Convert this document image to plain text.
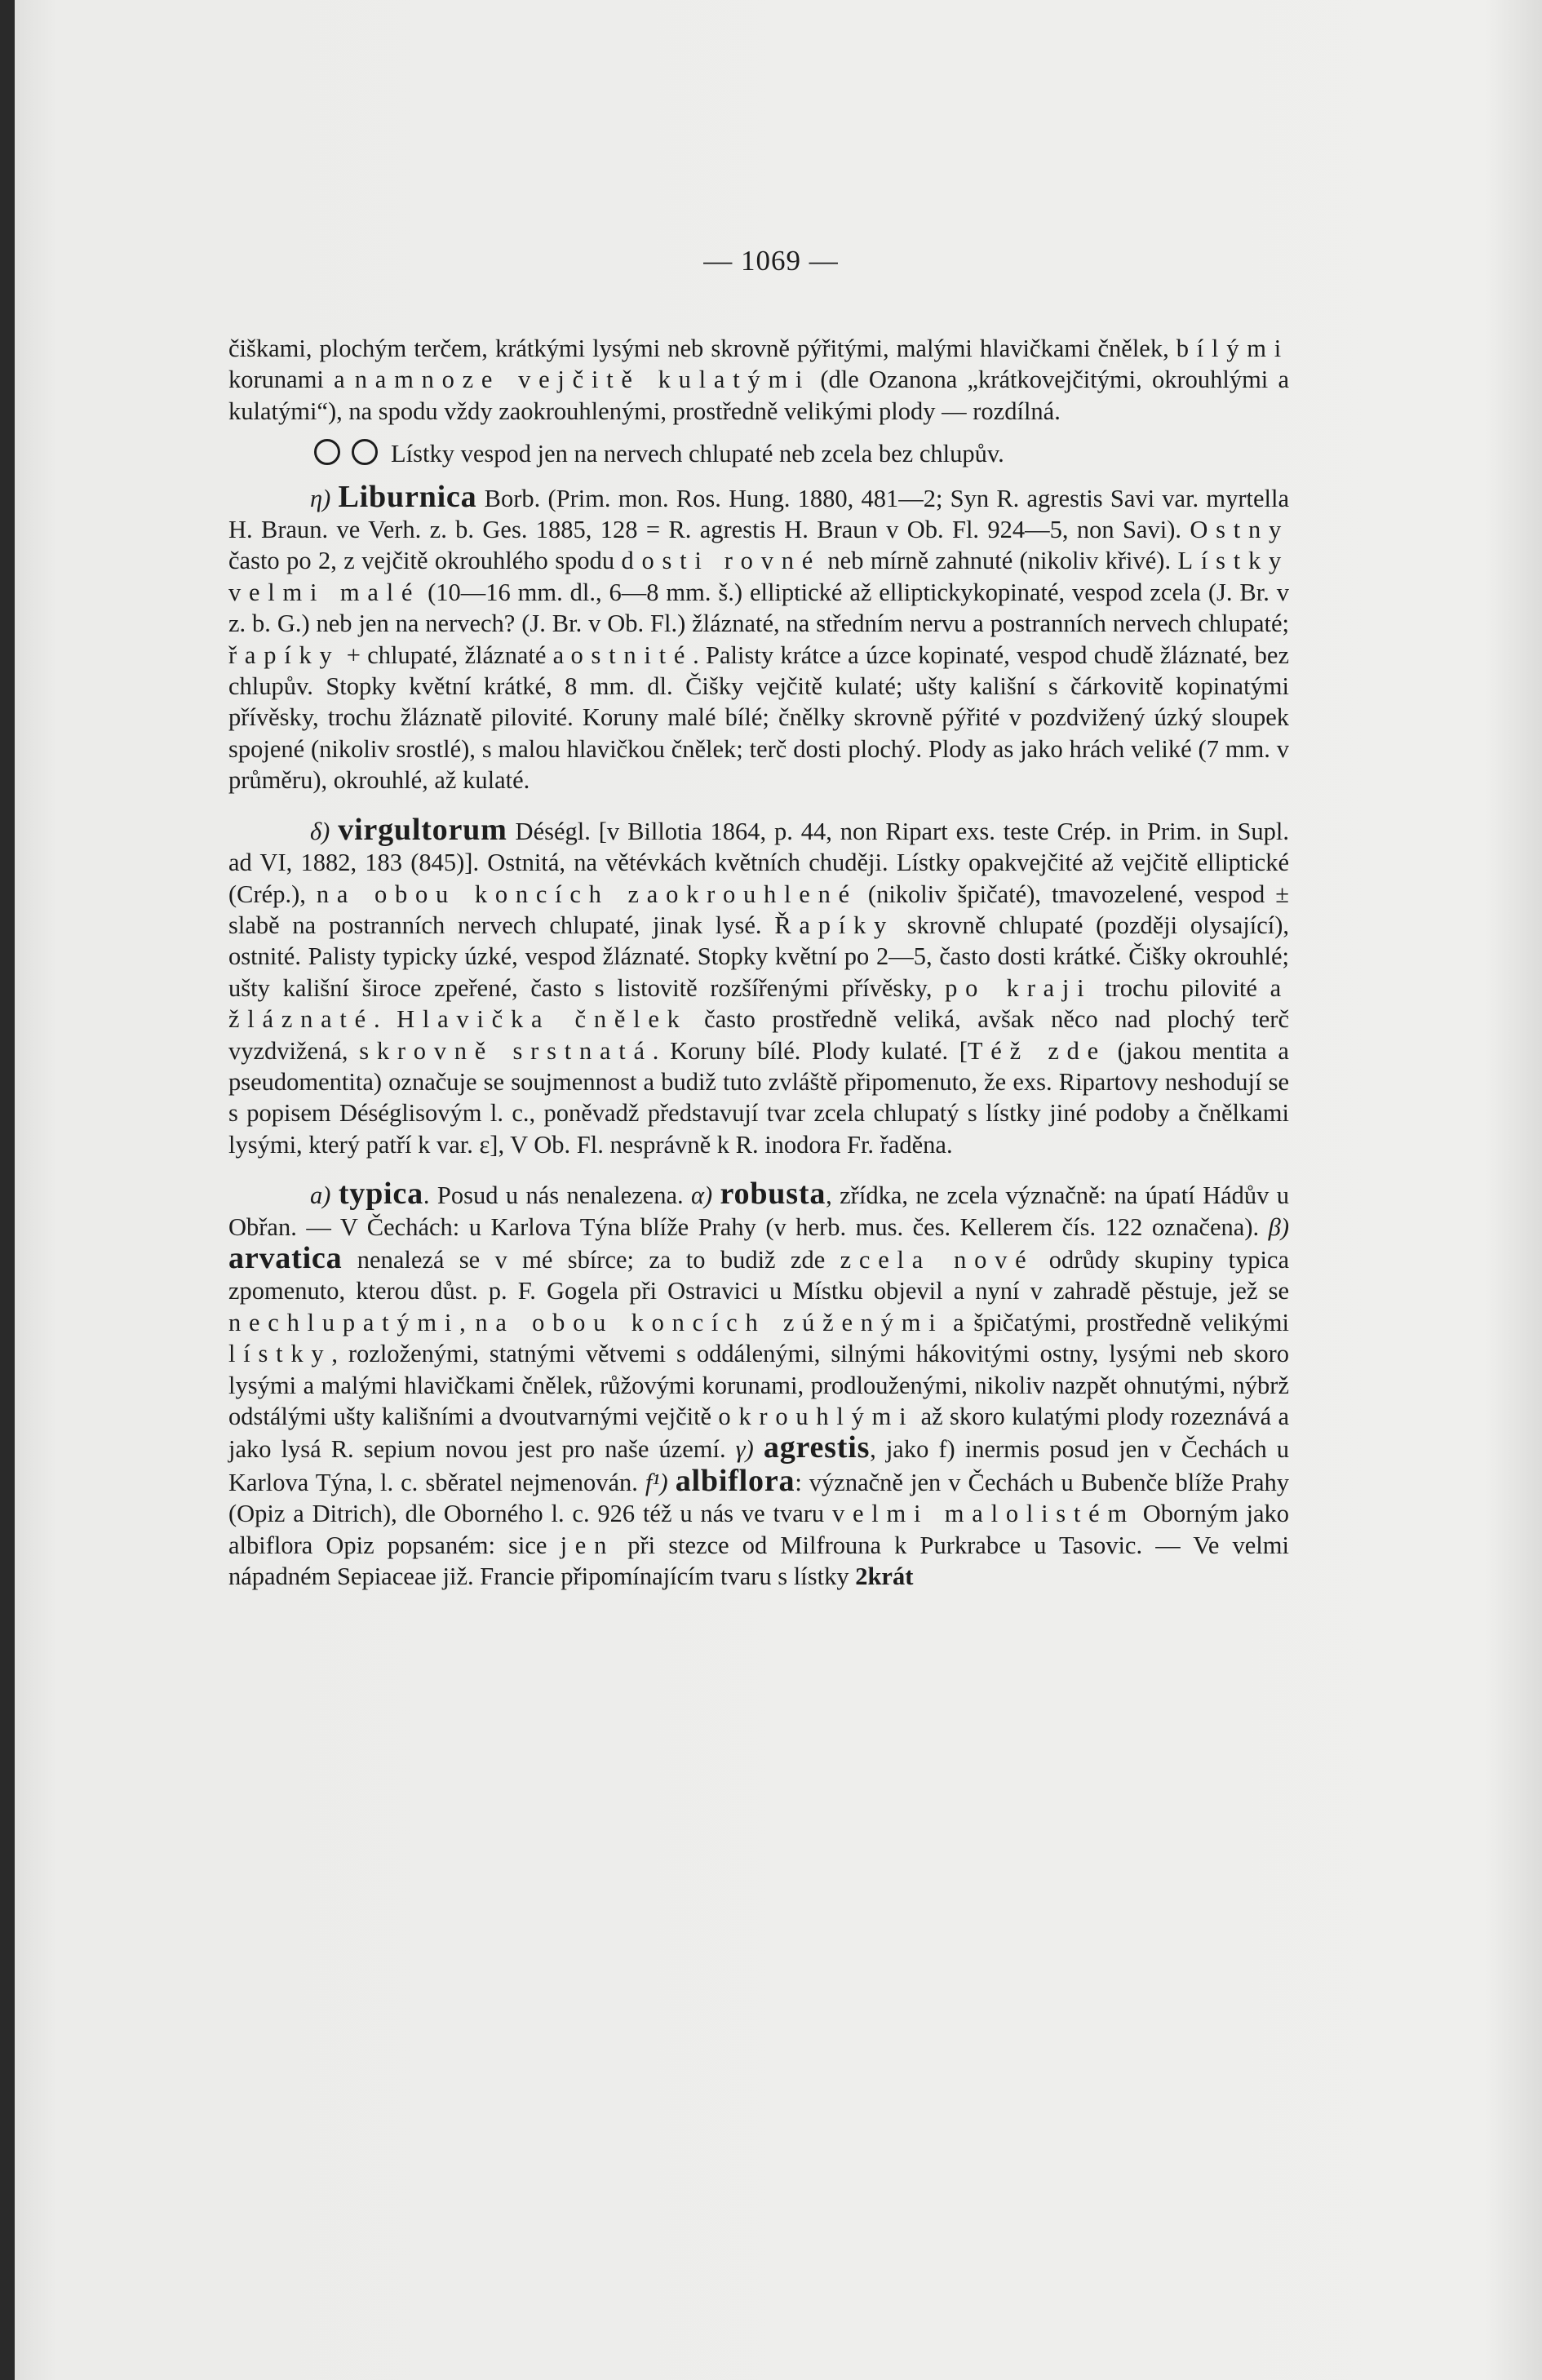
— 1069 —

čiškami, plochým terčem, krátkými lysými neb skrovně pýřitými, malými hlavičkami čnělek, bílými korunami a namnoze vejčitě kulatými (dle Ozanona „krátkovejčitými, okrouhlými a kulatými“), na spodu vždy zaokrouhlenými, prostředně velikými plody — rozdílná.

Lístky vespod jen na nervech chlupaté neb zcela bez chlupův.

η) Liburnica Borb. (Prim. mon. Ros. Hung. 1880, 481—2; Syn R. agrestis Savi var. myrtella H. Braun. ve Verh. z. b. Ges. 1885, 128 = R. agrestis H. Braun v Ob. Fl. 924—5, non Savi). Ostny často po 2, z vejčitě okrouhlého spodu dosti rovné neb mírně zahnuté (nikoliv křivé). Lístky velmi malé (10—16 mm. dl., 6—8 mm. š.) elliptické až elliptickykopinaté, vespod zcela (J. Br. v z. b. G.) neb jen na nervech? (J. Br. v Ob. Fl.) žláznaté, na středním nervu a postranních nervech chlupaté; řapíky + chlupaté, žláznaté a ostnité. Palisty krátce a úzce kopinaté, vespod chudě žláznaté, bez chlupův. Stopky květní krátké, 8 mm. dl. Čišky vejčitě kulaté; ušty kališní s čárkovitě kopinatými přívěsky, trochu žláznatě pilovité. Koruny malé bílé; čnělky skrovně pýřité v pozdvižený úzký sloupek spojené (nikoliv srostlé), s malou hlavičkou čnělek; terč dosti plochý. Plody as jako hrách veliké (7 mm. v průměru), okrouhlé, až kulaté.

δ) virgultorum Déségl. [v Billotia 1864, p. 44, non Ripart exs. teste Crép. in Prim. in Supl. ad VI, 1882, 183 (845)]. Ostnitá, na větévkách květních chuději. Lístky opakvejčité až vejčitě elliptické (Crép.), na obou koncích zaokrouhlené (nikoliv špičaté), tmavozelené, vespod ± slabě na postranních nervech chlupaté, jinak lysé. Řapíky skrovně chlupaté (později olysající), ostnité. Palisty typicky úzké, vespod žláznaté. Stopky květní po 2—5, často dosti krátké. Čišky okrouhlé; ušty kališní široce zpeřené, často s listovitě rozšířenými přívěsky, po kraji trochu pilovité a žláznaté. Hlavička čnělek často prostředně veliká, avšak něco nad plochý terč vyzdvižená, skrovně srstnatá. Koruny bílé. Plody kulaté. [Též zde (jakou mentita a pseudomentita) označuje se soujmennost a budiž tuto zvláště připomenuto, že exs. Ripartovy neshodují se s popisem Déséglisovým l. c., poněvadž představují tvar zcela chlupatý s lístky jiné podoby a čnělkami lysými, který patří k var. ε], V Ob. Fl. nesprávně k R. inodora Fr. řaděna.

a) typica. Posud u nás nenalezena. α) robusta, zřídka, ne zcela význačně: na úpatí Hádův u Obřan. — V Čechách: u Karlova Týna blíže Prahy (v herb. mus. čes. Kellerem čís. 122 označena). β) arvatica nenalezá se v mé sbírce; za to budiž zde zcela nové odrůdy skupiny typica zpomenuto, kterou důst. p. F. Gogela při Ostravici u Místku objevil a nyní v zahradě pěstuje, jež se nechlupatými, na obou koncích zúženými a špičatými, prostředně velikými lístky, rozloženými, statnými větvemi s oddálenými, silnými hákovitými ostny, lysými neb skoro lysými a malými hlavičkami čnělek, růžovými korunami, prodlouženými, nikoliv nazpět ohnutými, nýbrž odstálými ušty kališními a dvoutvarnými vejčitě okrouhlými až skoro kulatými plody rozeznává a jako lysá R. sepium novou jest pro naše území. γ) agrestis, jako f) inermis posud jen v Čechách u Karlova Týna, l. c. sběratel nejmenován. f¹) albiflora: význačně jen v Čechách u Bubenče blíže Prahy (Opiz a Ditrich), dle Oborného l. c. 926 též u nás ve tvaru velmi malolistém Oborným jako albiflora Opiz popsaném: sice jen při stezce od Milfrouna k Purkrabce u Tasovic. — Ve velmi nápadném Sepiaceae již. Francie připomínajícím tvaru s lístky 2krát
